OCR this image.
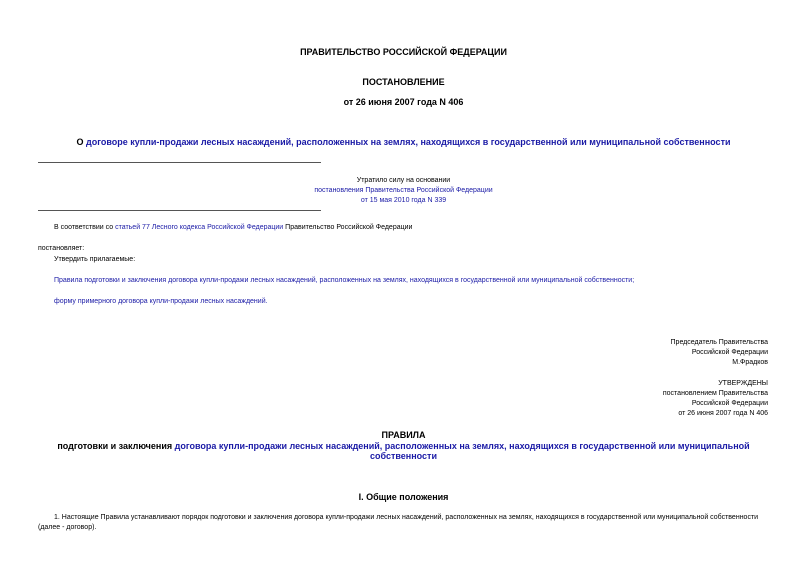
ПРАВИТЕЛЬСТВО РОССИЙСКОЙ ФЕДЕРАЦИИ
ПОСТАНОВЛЕНИЕ
от 26 июня 2007 года N 406
О договоре купли-продажи лесных насаждений, расположенных на землях, находящихся в государственной или муниципальной собственности
Утратило силу на основании
постановления Правительства Российской Федерации
от 15 мая 2010 года N 339
В соответствии со статьей 77 Лесного кодекса Российской Федерации Правительство Российской Федерации
постановляет:
Утвердить прилагаемые:
Правила подготовки и заключения договора купли-продажи лесных насаждений, расположенных на землях, находящихся в государственной или муниципальной собственности;
форму примерного договора купли-продажи лесных насаждений.
Председатель Правительства
Российской Федерации
М.Фрадков
УТВЕРЖДЕНЫ
постановлением Правительства
Российской Федерации
от 26 июня 2007 года N 406
ПРАВИЛА
подготовки и заключения договора купли-продажи лесных насаждений, расположенных на землях, находящихся в государственной или муниципальной
собственности
I. Общие положения
1. Настоящие Правила устанавливают порядок подготовки и заключения договора купли-продажи лесных насаждений, расположенных на землях, находящихся в государственной или муниципальной собственности
(далее - договор).
